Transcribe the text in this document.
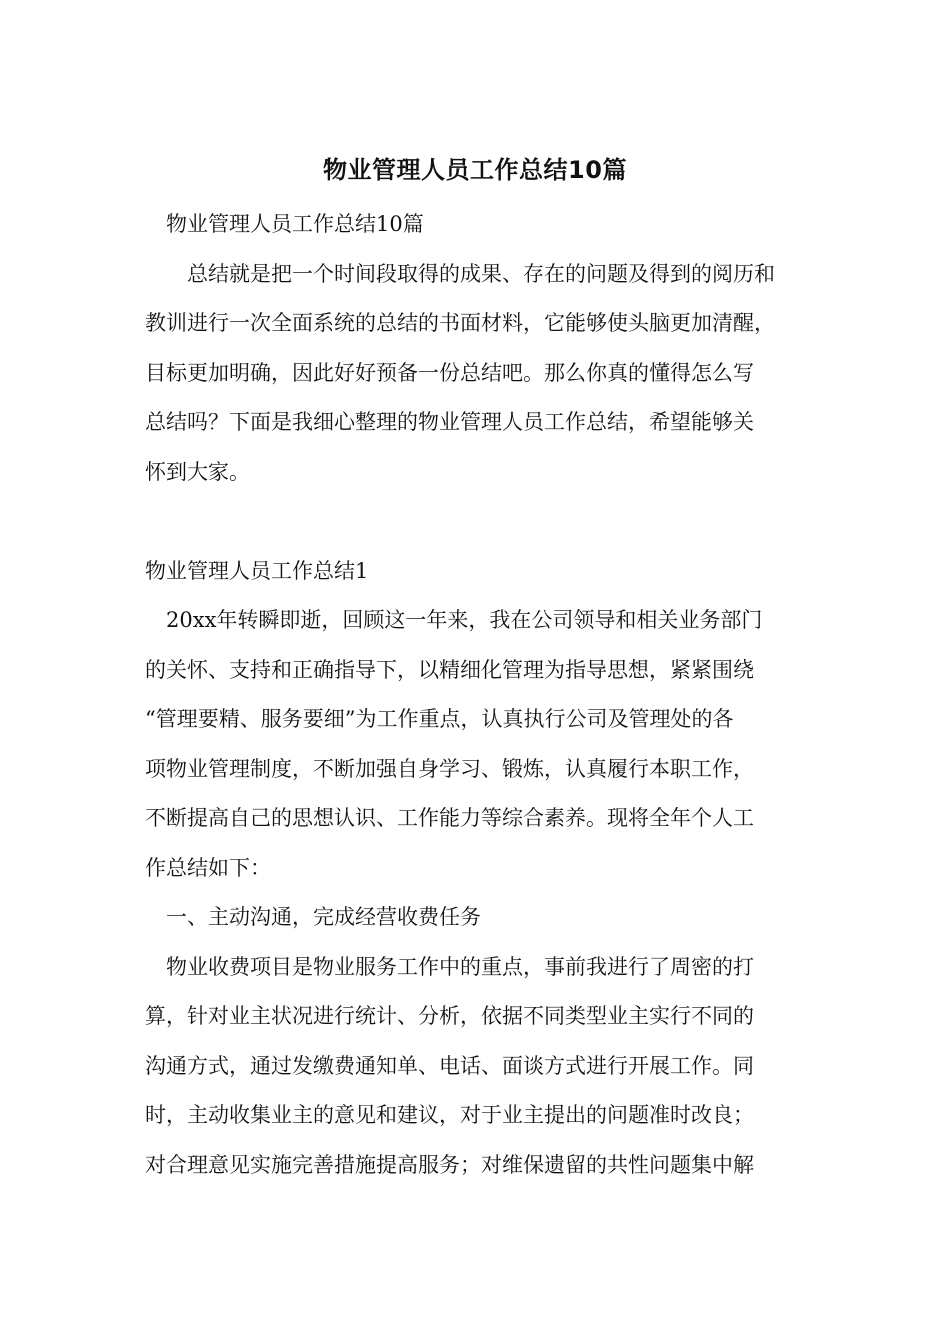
物业管理人员工作总结10篇
　物业管理人员工作总结10篇
　　总结就是把一个时间段取得的成果、存在的问题及得到的阅历和
教训进行一次全面系统的总结的书面材料，它能够使头脑更加清醒，
目标更加明确，因此好好预备一份总结吧。那么你真的懂得怎么写
总结吗？下面是我细心整理的物业管理人员工作总结，希望能够关
怀到大家。
物业管理人员工作总结1
　20xx年转瞬即逝，回顾这一年来，我在公司领导和相关业务部门
的关怀、支持和正确指导下，以精细化管理为指导思想，紧紧围绕
“管理要精、服务要细”为工作重点，认真执行公司及管理处的各
项物业管理制度，不断加强自身学习、锻炼，认真履行本职工作，
不断提高自己的思想认识、工作能力等综合素养。现将全年个人工
作总结如下：
　一、主动沟通，完成经营收费任务
　物业收费项目是物业服务工作中的重点，事前我进行了周密的打
算，针对业主状况进行统计、分析，依据不同类型业主实行不同的
沟通方式，通过发缴费通知单、电话、面谈方式进行开展工作。同
时，主动收集业主的意见和建议，对于业主提出的问题准时改良；
对合理意见实施完善措施提高服务；对维保遗留的共性问题集中解
